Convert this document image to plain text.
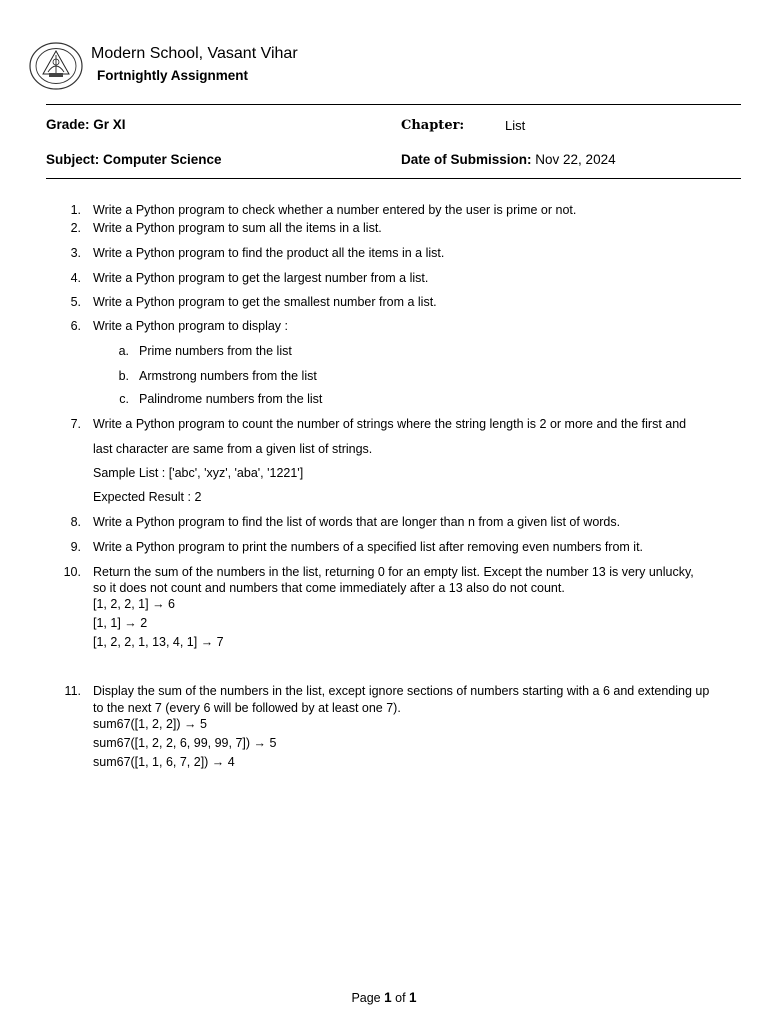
Modern School, Vasant Vihar
Fortnightly Assignment
Grade: Gr XI	Chapter:	List
Subject: Computer Science	Date of Submission: Nov 22, 2024
1. Write a Python program to check whether a number entered by the user is prime or not.
2. Write a Python program to sum all the items in a list.
3. Write a Python program to find the product all the items in a list.
4. Write a Python program to get the largest number from a list.
5. Write a Python program to get the smallest number from a list.
6. Write a Python program to display :
a. Prime numbers from the list
b. Armstrong numbers from the list
c. Palindrome numbers from the list
7. Write a Python program to count the number of strings where the string length is 2 or more and the first and
last character are same from a given list of strings.
Sample List : ['abc', 'xyz', 'aba', '1221']
Expected Result : 2
8. Write a Python program to find the list of words that are longer than n from a given list of words.
9. Write a Python program to print the numbers of a specified list after removing even numbers from it.
10. Return the sum of the numbers in the list, returning 0 for an empty list. Except the number 13 is very unlucky,
so it does not count and numbers that come immediately after a 13 also do not count.
[1, 2, 2, 1] → 6
[1, 1] → 2
[1, 2, 2, 1, 13, 4, 1] → 7
11. Display the sum of the numbers in the list, except ignore sections of numbers starting with a 6 and extending up
to the next 7 (every 6 will be followed by at least one 7).
sum67([1, 2, 2]) → 5
sum67([1, 2, 2, 6, 99, 99, 7]) → 5
sum67([1, 1, 6, 7, 2]) → 4
Page 1 of 1
